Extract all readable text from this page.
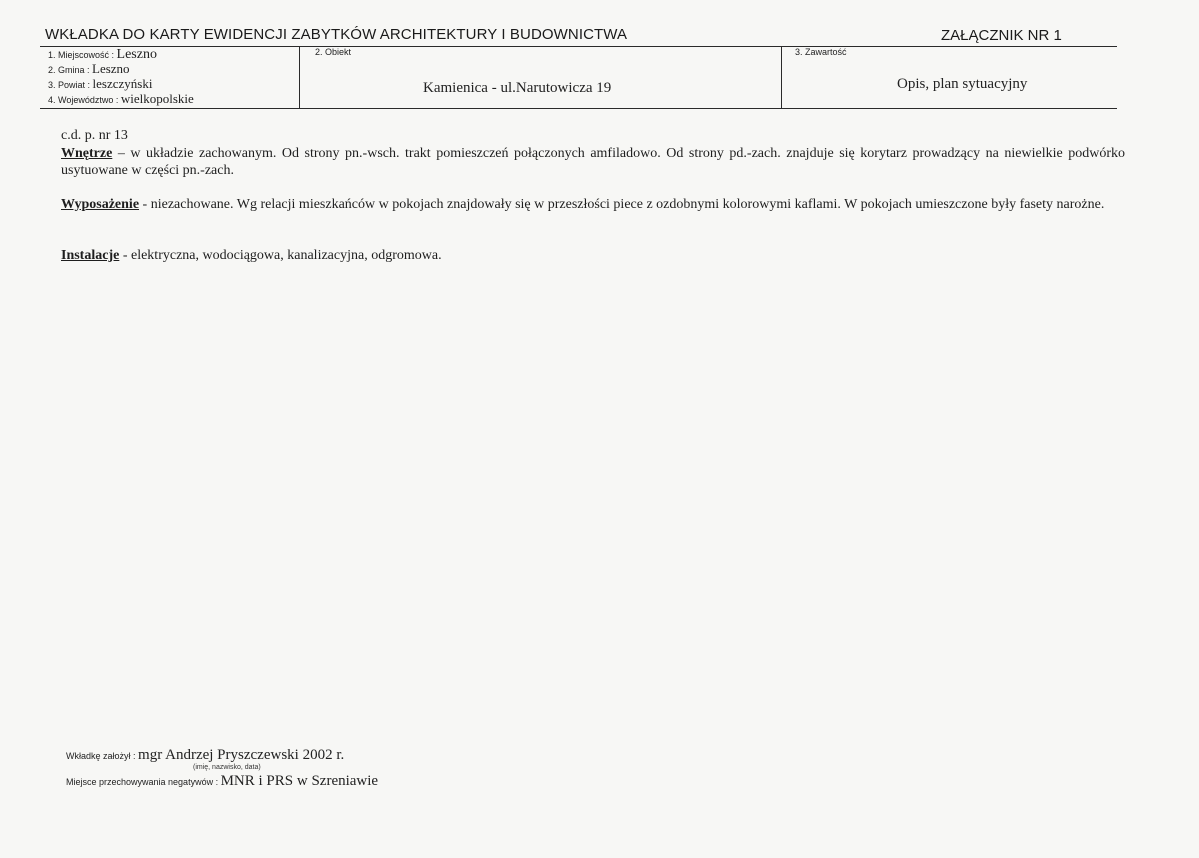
WKŁADKA DO KARTY EWIDENCJI ZABYTKÓW ARCHITEKTURY I BUDOWNICTWA	ZAŁĄCZNIK NR 1
1. Miejscowość : Leszno
2. Gmina : Leszno
3. Powiat : leszczyński
4. Województwo : wielkopolskie
2. Obiekt
Kamienica - ul.Narutowicza 19
3. Zawartość
Opis, plan sytuacyjny
c.d. p. nr 13
Wnętrze – w układzie zachowanym. Od strony pn.-wsch. trakt pomieszczeń połączonych amfiladowo. Od strony pd.-zach. znajduje się korytarz prowadzący na niewielkie podwórko usytuowane w części pn.-zach.
Wyposażenie - niezachowane. Wg relacji mieszkańców w pokojach znajdowały się w przeszłości piece z ozdobnymi kolorowymi kaflami. W pokojach umieszczone były fasety narożne.
Instalacje - elektryczna, wodociągowa, kanalizacyjna, odgromowa.
Wkładkę założył : mgr Andrzej Pryszczewski 2002 r.
(imię, nazwisko, data)
Miejsce przechowywania negatywów : MNR i PRS w Szreniawie
